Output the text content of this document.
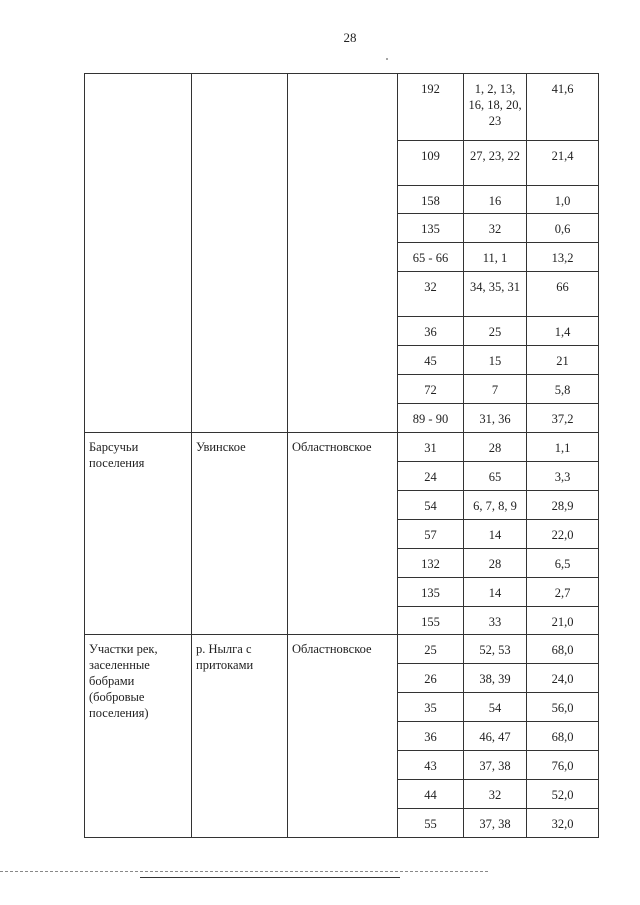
28
			192	1, 2, 13, 16, 18, 20, 23	41,6
			109	27, 23, 22	21,4
			158	16	1,0
			135	32	0,6
			65 - 66	11, 1	13,2
			32	34, 35, 31	66
			36	25	1,4
			45	15	21
			72	7	5,8
			89 - 90	31, 36	37,2
Барсучьи поселения	Увинское	Областновское	31	28	1,1
			24	65	3,3
			54	6, 7, 8, 9	28,9
			57	14	22,0
			132	28	6,5
			135	14	2,7
			155	33	21,0
Участки рек, заселенные бобрами (бобровые поселения)	р. Нылга с притоками	Областновское	25	52, 53	68,0
			26	38, 39	24,0
			35	54	56,0
			36	46, 47	68,0
			43	37, 38	76,0
			44	32	52,0
			55	37, 38	32,0
